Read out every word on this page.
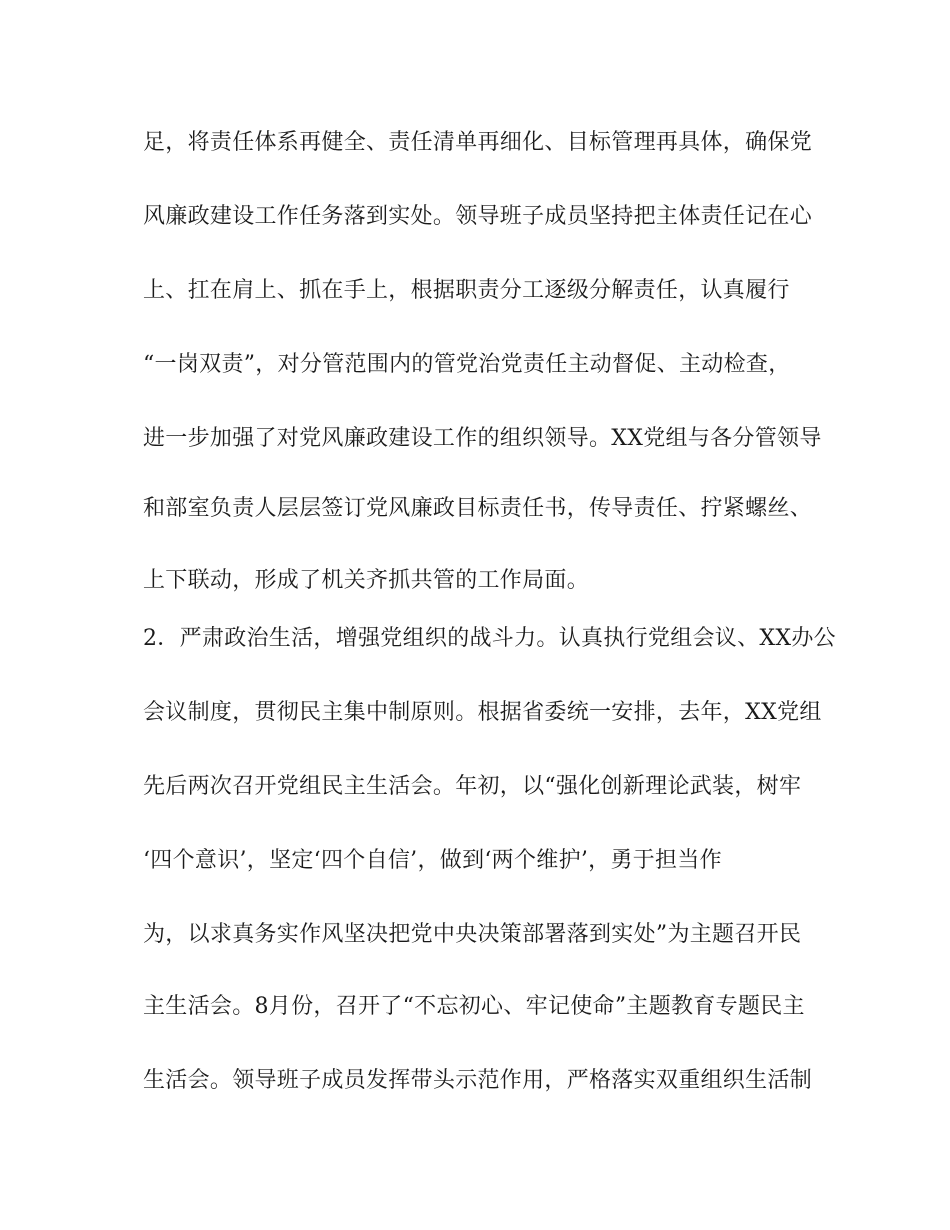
足，将责任体系再健全、责任清单再细化、目标管理再具体，确保党
风廉政建设工作任务落到实处。领导班子成员坚持把主体责任记在心
上、扛在肩上、抓在手上，根据职责分工逐级分解责任，认真履行
“一岗双责”，对分管范围内的管党治党责任主动督促、主动检查，
进一步加强了对党风廉政建设工作的组织领导。XX党组与各分管领导
和部室负责人层层签订党风廉政目标责任书，传导责任、拧紧螺丝、
上下联动，形成了机关齐抓共管的工作局面。
2．严肃政治生活，增强党组织的战斗力。认真执行党组会议、XX办公
会议制度，贯彻民主集中制原则。根据省委统一安排，去年，XX党组
先后两次召开党组民主生活会。年初，以“强化创新理论武装，树牢
‘四个意识’，坚定‘四个自信’，做到‘两个维护’，勇于担当作
为，以求真务实作风坚决把党中央决策部署落到实处”为主题召开民
主生活会。8月份，召开了“不忘初心、牢记使命”主题教育专题民主
生活会。领导班子成员发挥带头示范作用，严格落实双重组织生活制
